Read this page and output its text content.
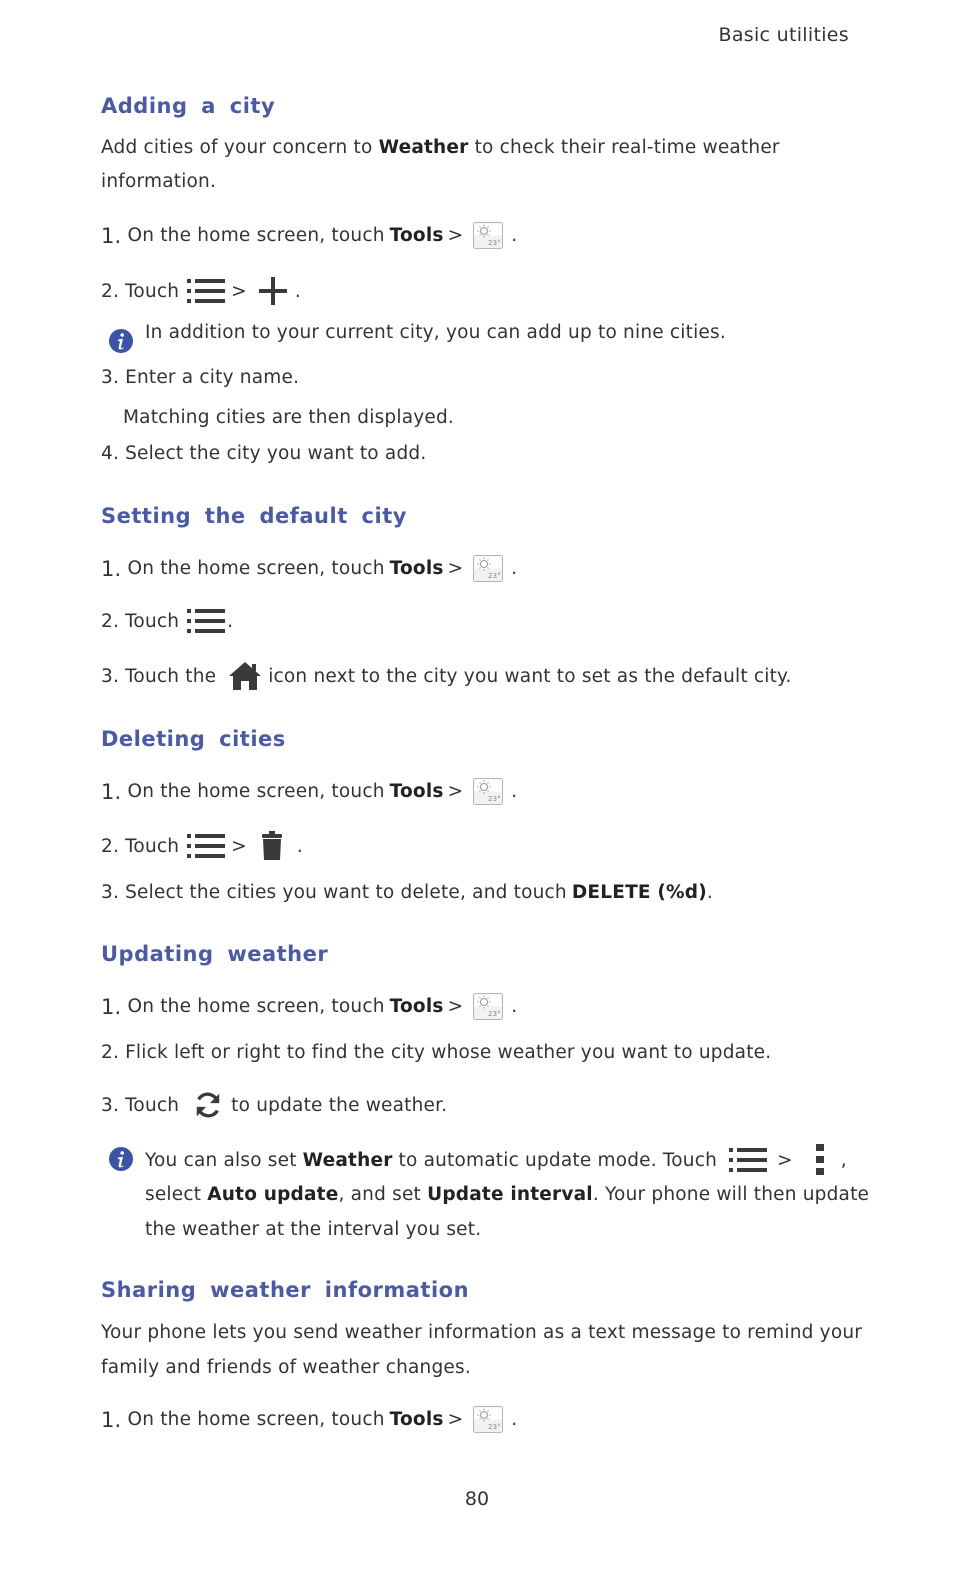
Basic utilities
Adding a city
Add cities of your concern to Weather to check their real-time weather
information.
1. On the home screen, touch Tools >	.
2. Touch	>	.
In addition to your current city, you can add up to nine cities.
3. Enter a city name.
Matching cities are then displayed.
4. Select the city you want to add.
Setting the default city
1. On the home screen, touch Tools >	.
2. Touch	.
3. Touch the	icon next to the city you want to set as the default city.
Deleting cities
1. On the home screen, touch Tools >	.
2. Touch	>	.
3. Select the cities you want to delete, and touch DELETE (%d) .
Updating weather
1. On the home screen, touch Tools >	.
2. Flick left or right to find the city whose weather you want to update.
3. Touch	to update the weather.
You can also set Weather to automatic update mode. Touch	>	,
select Auto update, and set Update interval. Your phone will then update
the weather at the interval you set.
Sharing weather information
Your phone lets you send weather information as a text message to remind your
family and friends of weather changes.
1. On the home screen, touch Tools >	.
80
